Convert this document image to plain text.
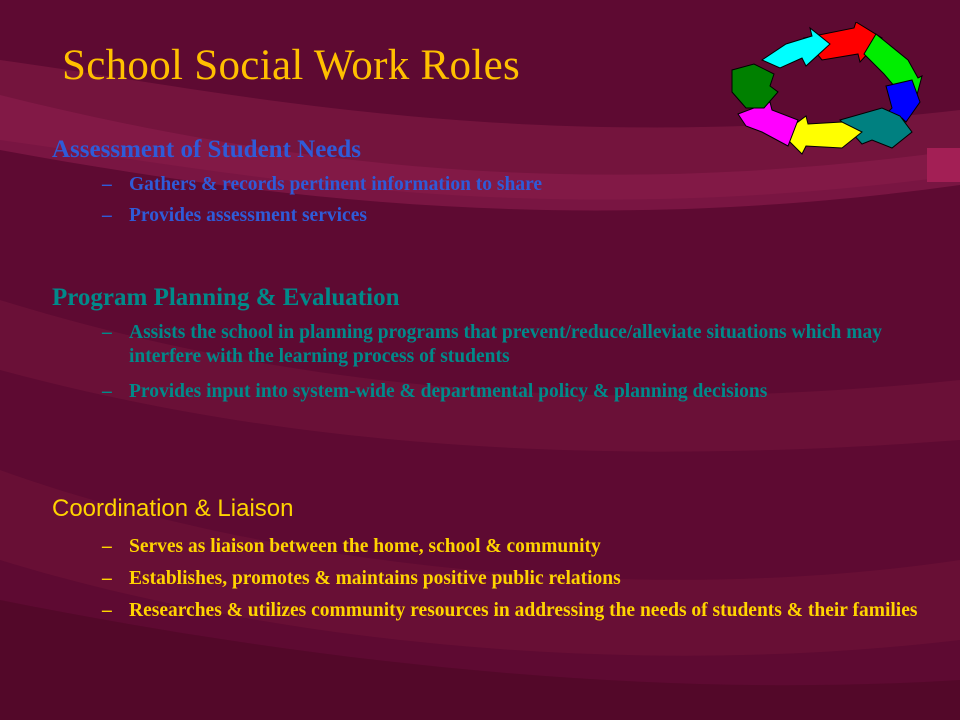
School Social Work Roles
Assessment of Student Needs
– Gathers & records pertinent information to share
– Provides assessment services
Program Planning & Evaluation
– Assists the school in planning programs that prevent/reduce/alleviate situations which may interfere with the learning process of students
– Provides input into system-wide & departmental policy & planning decisions
Coordination & Liaison
– Serves as liaison between the home, school & community
– Establishes, promotes & maintains positive public relations
– Researches & utilizes community resources in addressing the needs of students & their families
